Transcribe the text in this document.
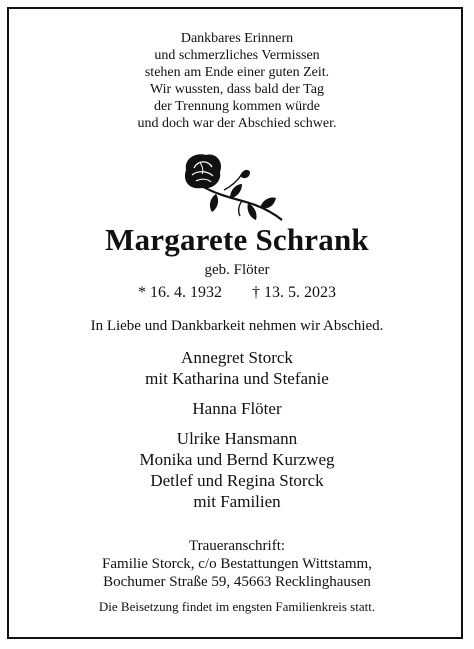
Dankbares Erinnern
und schmerzliches Vermissen
stehen am Ende einer guten Zeit.
Wir wussten, dass bald der Tag
der Trennung kommen würde
und doch war der Abschied schwer.
Margarete Schrank
geb. Flöter
* 16. 4. 1932 † 13. 5. 2023
In Liebe und Dankbarkeit nehmen wir Abschied.
Annegret Storck
mit Katharina und Stefanie
Hanna Flöter
Ulrike Hansmann
Monika und Bernd Kurzweg
Detlef und Regina Storck
mit Familien
Traueranschrift:
Familie Storck, c/o Bestattungen Wittstamm,
Bochumer Straße 59, 45663 Recklinghausen
Die Beisetzung findet im engsten Familienkreis statt.
